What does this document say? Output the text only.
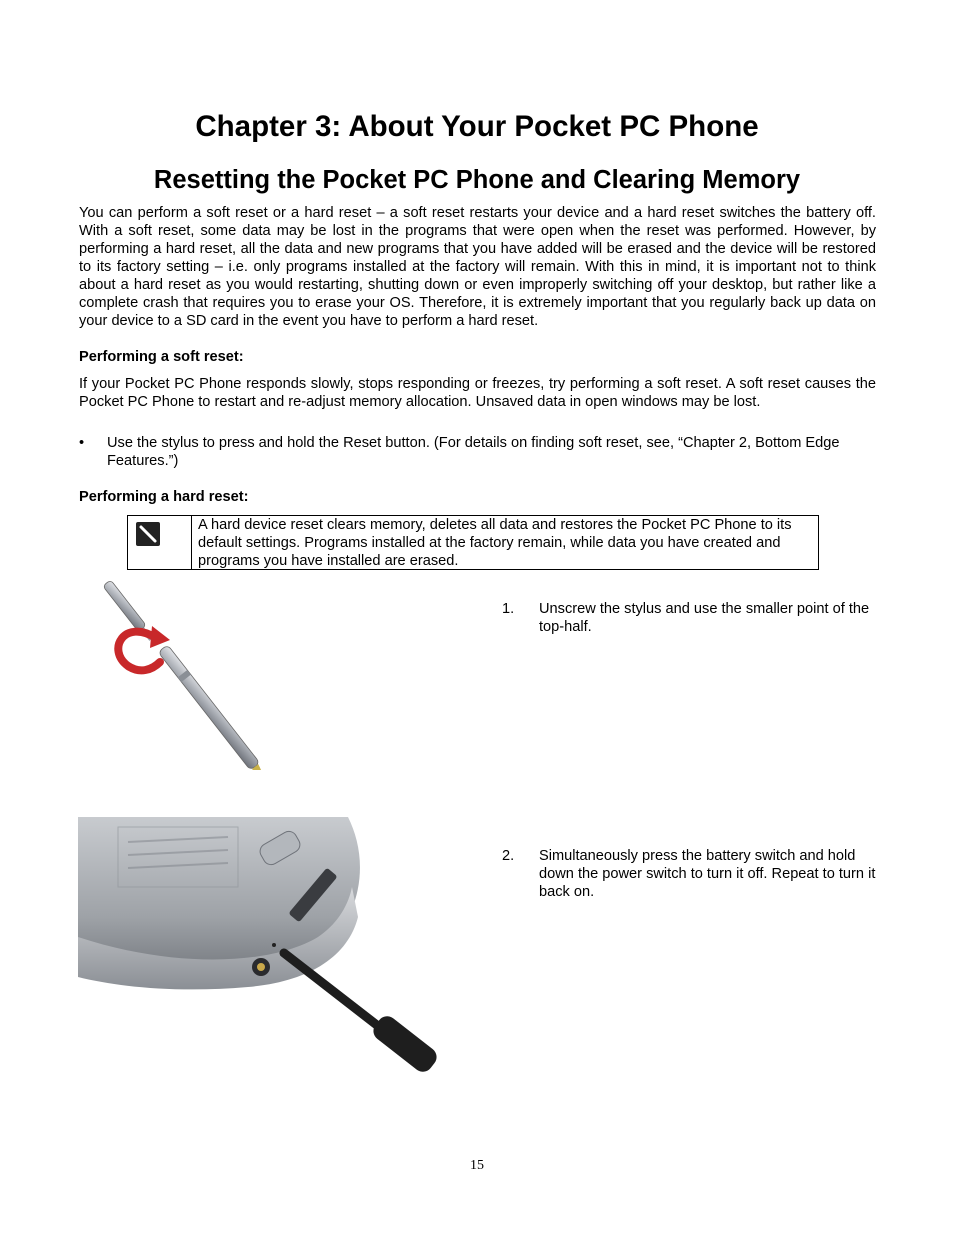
Chapter 3: About Your Pocket PC Phone
Resetting the Pocket PC Phone and Clearing Memory

You can perform a soft reset or a hard reset – a soft reset restarts your device and a hard reset switches the battery off. With a soft reset, some data may be lost in the programs that were open when the reset was performed. However, by performing a hard reset, all the data and new programs that you have added will be erased and the device will be restored to its factory setting – i.e. only programs installed at the factory will remain. With this in mind, it is important not to think about a hard reset as you would restarting, shutting down or even improperly switching off your desktop, but rather like a complete crash that requires you to erase your OS. Therefore, it is extremely important that you regularly back up data on your device to a SD card in the event you have to perform a hard reset.

Performing a soft reset:

If your Pocket PC Phone responds slowly, stops responding or freezes, try performing a soft reset. A soft reset causes the Pocket PC Phone to restart and re-adjust memory allocation. Unsaved data in open windows may be lost.

• Use the stylus to press and hold the Reset button. (For details on finding soft reset, see, “Chapter 2, Bottom Edge Features.”)

Performing a hard reset:

A hard device reset clears memory, deletes all data and restores the Pocket PC Phone to its default settings. Programs installed at the factory remain, while data you have created and programs you have installed are erased.
1. Unscrew the stylus and use the smaller point of the top-half.
2. Simultaneously press the battery switch and hold down the power switch to turn it off. Repeat to turn it back on.
15
